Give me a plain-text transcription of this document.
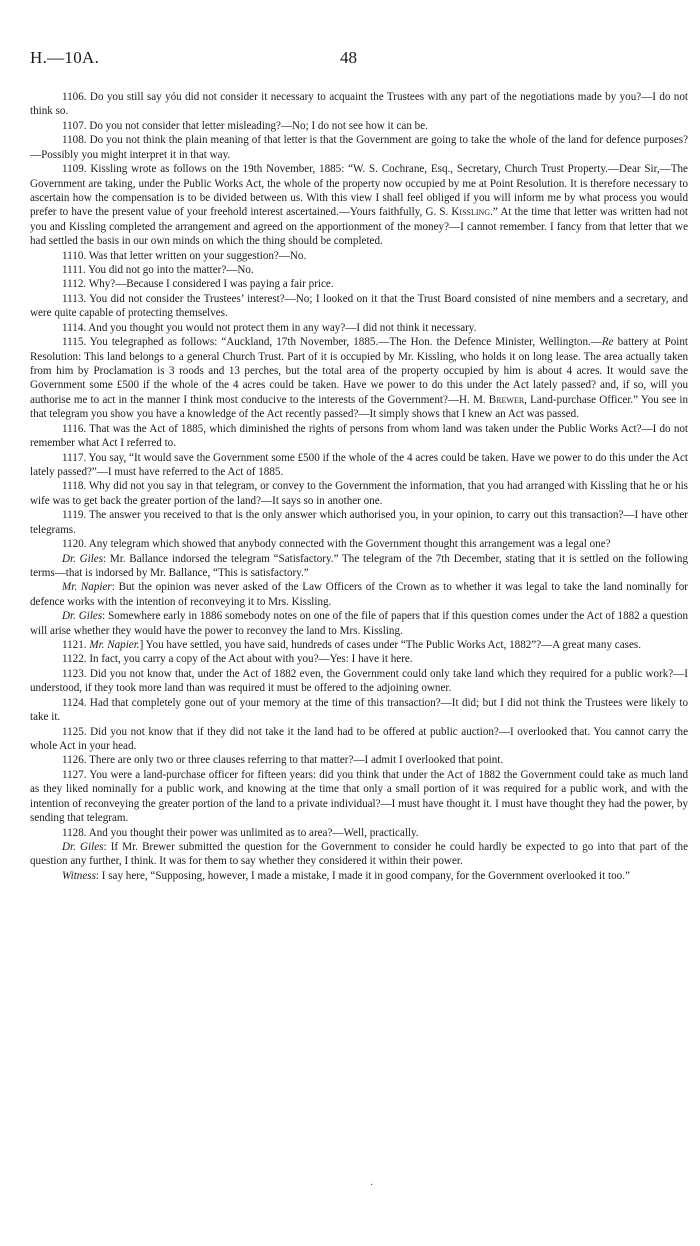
H.—10A.	48

1106. Do you still say yóu did not consider it necessary to acquaint the Trustees with any part of the negotiations made by you?—I do not think so.

1107. Do you not consider that letter misleading?—No; I do not see how it can be.

1108. Do you not think the plain meaning of that letter is that the Government are going to take the whole of the land for defence purposes?—Possibly you might interpret it in that way.

1109. Kissling wrote as follows on the 19th November, 1885: “W. S. Cochrane, Esq., Secretary, Church Trust Property.—Dear Sir,—The Government are taking, under the Public Works Act, the whole of the property now occupied by me at Point Resolution. It is therefore necessary to ascertain how the compensation is to be divided between us. With this view I shall feel obliged if you will inform me by what process you would prefer to have the present value of your freehold interest ascertained.—Yours faithfully, G. S. Kissling.” At the time that letter was written had not you and Kissling completed the arrangement and agreed on the apportionment of the money?—I cannot remember. I fancy from that letter that we had settled the basis in our own minds on which the thing should be completed.

1110. Was that letter written on your suggestion?—No.

1111. You did not go into the matter?—No.

1112. Why?—Because I considered I was paying a fair price.

1113. You did not consider the Trustees’ interest?—No; I looked on it that the Trust Board consisted of nine members and a secretary, and were quite capable of protecting themselves.

1114. And you thought you would not protect them in any way?—I did not think it necessary.

1115. You telegraphed as follows: “Auckland, 17th November, 1885.—The Hon. the Defence Minister, Wellington.—Re battery at Point Resolution: This land belongs to a general Church Trust. Part of it is occupied by Mr. Kissling, who holds it on long lease. The area actually taken from him by Proclamation is 3 roods and 13 perches, but the total area of the property occupied by him is about 4 acres. It would save the Government some £500 if the whole of the 4 acres could be taken. Have we power to do this under the Act lately passed? and, if so, will you authorise me to act in the manner I think most conducive to the interests of the Government?—H. M. Brewer, Land-purchase Officer.” You see in that telegram you show you have a knowledge of the Act recently passed?—It simply shows that I knew an Act was passed.

1116. That was the Act of 1885, which diminished the rights of persons from whom land was taken under the Public Works Act?—I do not remember what Act I referred to.

1117. You say, “It would save the Government some £500 if the whole of the 4 acres could be taken. Have we power to do this under the Act lately passed?”—I must have referred to the Act of 1885.

1118. Why did not you say in that telegram, or convey to the Government the information, that you had arranged with Kissling that he or his wife was to get back the greater portion of the land?—It says so in another one.

1119. The answer you received to that is the only answer which authorised you, in your opinion, to carry out this transaction?—I have other telegrams.

1120. Any telegram which showed that anybody connected with the Government thought this arrangement was a legal one?

Dr. Giles: Mr. Ballance indorsed the telegram “Satisfactory.” The telegram of the 7th December, stating that it is settled on the following terms—that is indorsed by Mr. Ballance, “This is satisfactory.”

Mr. Napier: But the opinion was never asked of the Law Officers of the Crown as to whether it was legal to take the land nominally for defence works with the intention of reconveying it to Mrs. Kissling.

Dr. Giles: Somewhere early in 1886 somebody notes on one of the file of papers that if this question comes under the Act of 1882 a question will arise whether they would have the power to reconvey the land to Mrs. Kissling.

1121. Mr. Napier.] You have settled, you have said, hundreds of cases under “The Public Works Act, 1882”?—A great many cases.

1122. In fact, you carry a copy of the Act about with you?—Yes: I have it here.

1123. Did you not know that, under the Act of 1882 even, the Government could only take land which they required for a public work?—I understood, if they took more land than was required it must be offered to the adjoining owner.

1124. Had that completely gone out of your memory at the time of this transaction?—It did; but I did not think the Trustees were likely to take it.

1125. Did you not know that if they did not take it the land had to be offered at public auction?—I overlooked that. You cannot carry the whole Act in your head.

1126. There are only two or three clauses referring to that matter?—I admit I overlooked that point.

1127. You were a land-purchase officer for fifteen years: did you think that under the Act of 1882 the Government could take as much land as they liked nominally for a public work, and knowing at the time that only a small portion of it was required for a public work, and with the intention of reconveying the greater portion of the land to a private individual?—I must have thought it. I must have thought they had the power, by sending that telegram.

1128. And you thought their power was unlimited as to area?—Well, practically.

Dr. Giles: If Mr. Brewer submitted the question for the Government to consider he could hardly be expected to go into that part of the question any further, I think. It was for them to say whether they considered it within their power.

Witness: I say here, “Supposing, however, I made a mistake, I made it in good company, for the Government overlooked it too.”

·
